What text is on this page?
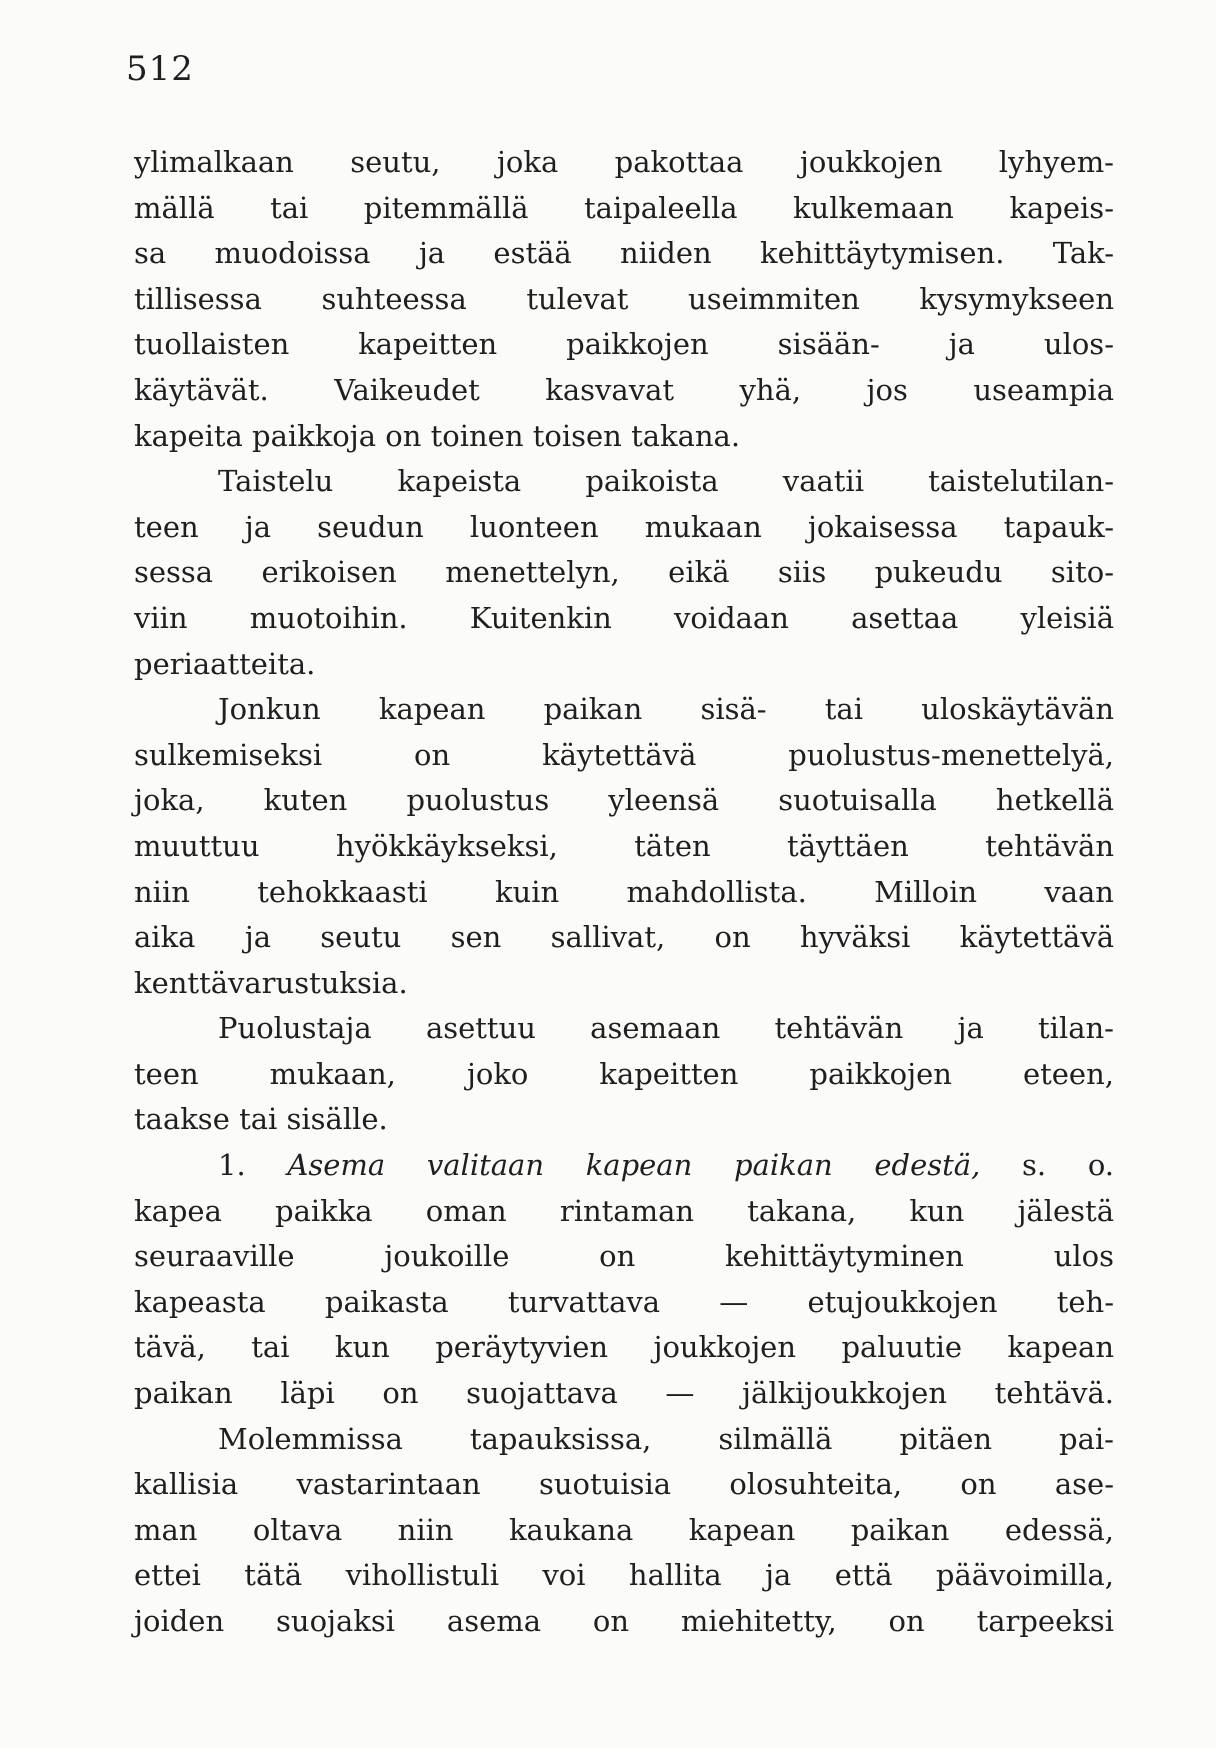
512
ylimalkaan seutu, joka pakottaa joukkojen lyhyem-
mällä tai pitemmällä taipaleella kulkemaan kapeis-
sa muodoissa ja estää niiden kehittäytymisen. Tak-
tillisessa suhteessa tulevat useimmiten kysymykseen
tuollaisten kapeitten paikkojen sisään- ja ulos-
käytävät. Vaikeudet kasvavat yhä, jos useampia
kapeita paikkoja on toinen toisen takana.
Taistelu kapeista paikoista vaatii taistelutilan-
teen ja seudun luonteen mukaan jokaisessa tapauk-
sessa erikoisen menettelyn, eikä siis pukeudu sito-
viin muotoihin. Kuitenkin voidaan asettaa yleisiä
periaatteita.
Jonkun kapean paikan sisä- tai uloskäytävän
sulkemiseksi on käytettävä puolustus-menettelyä,
joka, kuten puolustus yleensä suotuisalla hetkellä
muuttuu hyökkäykseksi, täten täyttäen tehtävän
niin tehokkaasti kuin mahdollista. Milloin vaan
aika ja seutu sen sallivat, on hyväksi käytettävä
kenttävarustuksia.
Puolustaja asettuu asemaan tehtävän ja tilan-
teen mukaan, joko kapeitten paikkojen eteen,
taakse tai sisälle.
1. Asema valitaan kapean paikan edestä, s. o.
kapea paikka oman rintaman takana, kun jälestä
seuraaville joukoille on kehittäytyminen ulos
kapeasta paikasta turvattava — etujoukkojen teh-
tävä, tai kun peräytyvien joukkojen paluutie kapean
paikan läpi on suojattava — jälkijoukkojen tehtävä.
Molemmissa tapauksissa, silmällä pitäen pai-
kallisia vastarintaan suotuisia olosuhteita, on ase-
man oltava niin kaukana kapean paikan edessä,
ettei tätä vihollistuli voi hallita ja että päävoimilla,
joiden suojaksi asema on miehitetty, on tarpeeksi
